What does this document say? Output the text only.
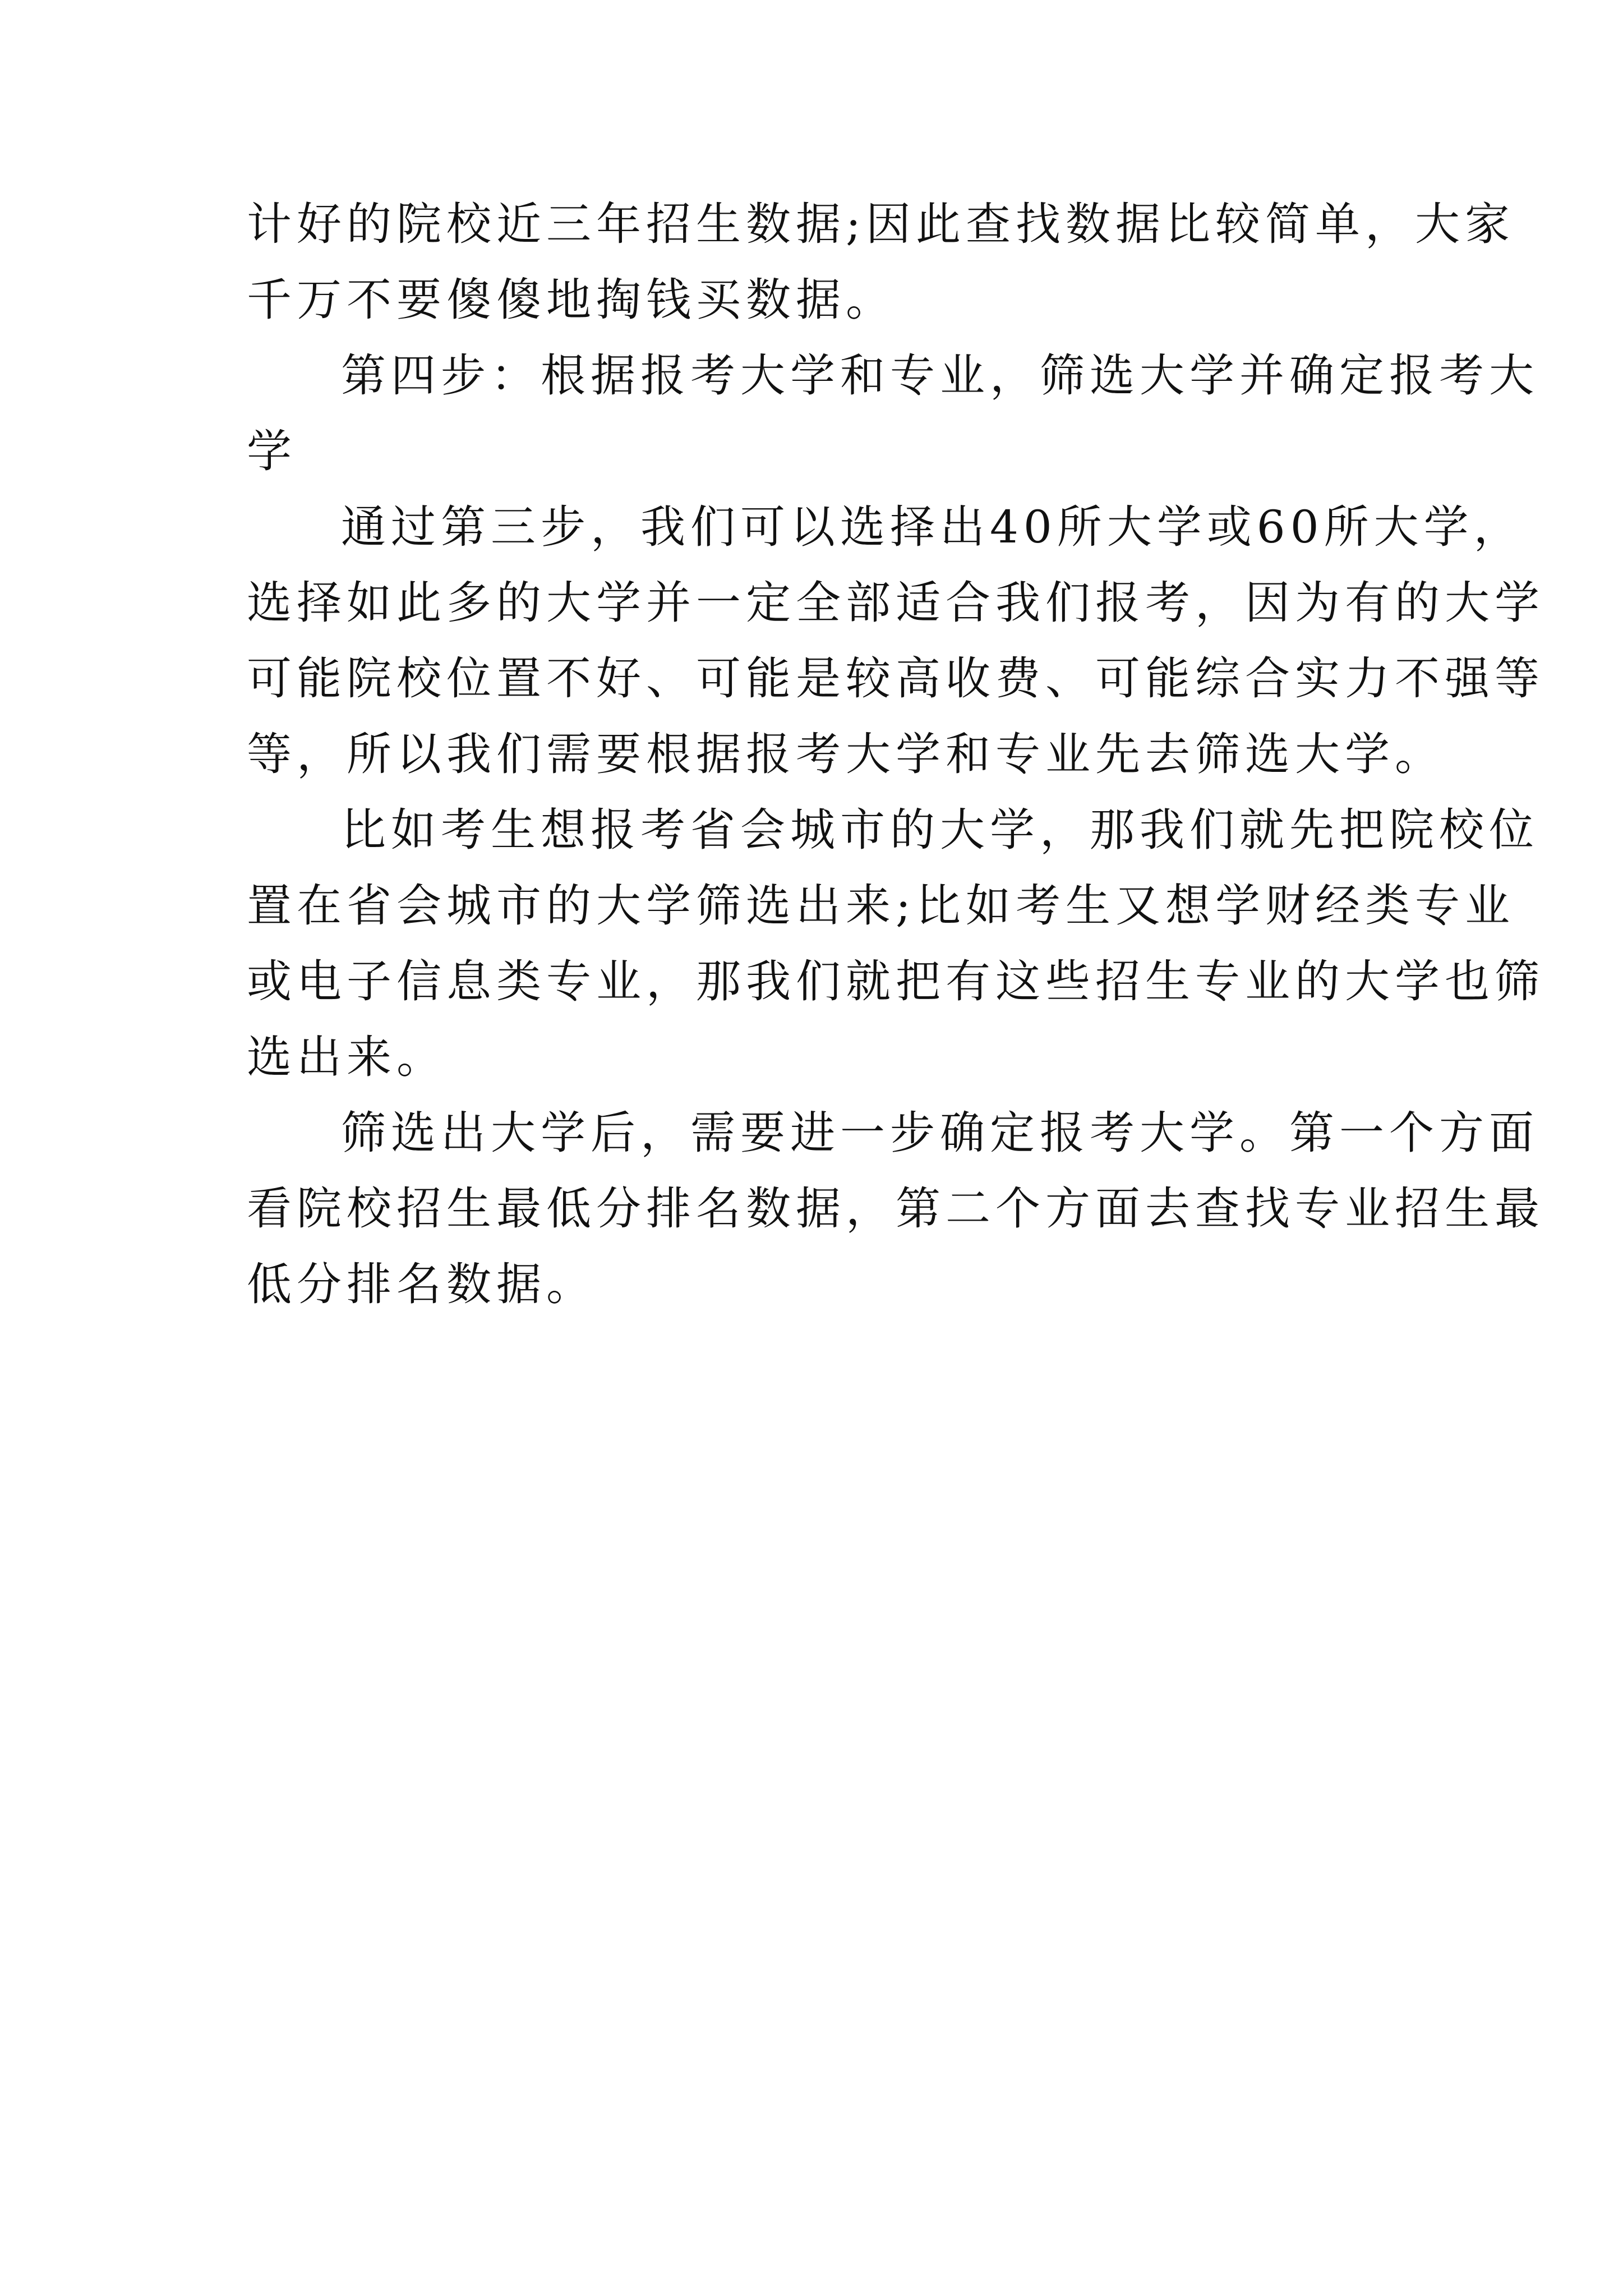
计好的院校近三年招生数据;因此查找数据比较简单，大家
千万不要傻傻地掏钱买数据。

第四步：根据报考大学和专业，筛选大学并确定报考大
学

通过第三步，我们可以选择出40所大学或60所大学，
选择如此多的大学并一定全部适合我们报考，因为有的大学
可能院校位置不好、可能是较高收费、可能综合实力不强等
等，所以我们需要根据报考大学和专业先去筛选大学。

比如考生想报考省会城市的大学，那我们就先把院校位
置在省会城市的大学筛选出来;比如考生又想学财经类专业
或电子信息类专业，那我们就把有这些招生专业的大学也筛
选出来。

筛选出大学后，需要进一步确定报考大学。第一个方面
看院校招生最低分排名数据，第二个方面去查找专业招生最
低分排名数据。
